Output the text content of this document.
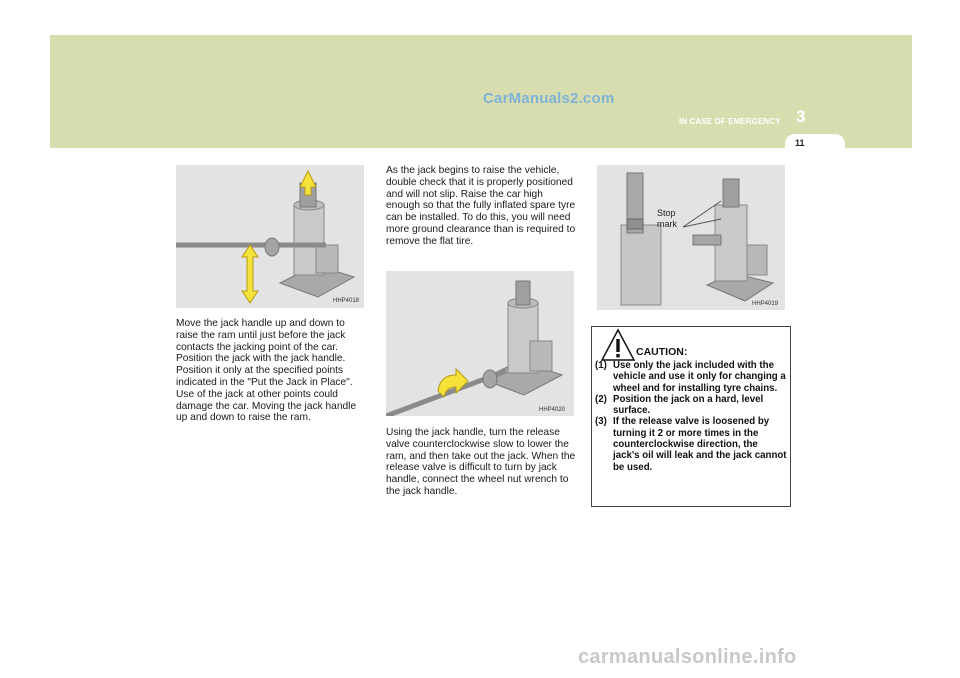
CarManuals2.com
3
IN CASE OF EMERGENCY
11
HHP4018

Move the jack handle up and down to raise the ram until just before the jack contacts the jacking point of the car. Position the jack with the jack handle. Position it only at the specified points indicated in the "Put the Jack in Place". Use of the jack at other points could damage the car. Moving the jack handle up and down to raise the ram.

As the jack begins to raise the vehicle, double check that it is properly positioned and will not slip. Raise the car high enough so that the fully inflated spare tyre can be installed. To do this, you will need more ground clearance than is required to remove the flat tire.

HHP4020

Using the jack handle, turn the release valve counterclockwise slow to lower the ram, and then take out the jack. When the release valve is difficult to turn by jack handle, connect the wheel nut wrench to the jack handle.

Stop
mark
HHP4019
CAUTION:
(1) Use only the jack included with the vehicle and use it only for changing a wheel and for installing tyre chains.
(2) Position the jack on a hard, level surface.
(3) If the release valve is loosened by turning it 2 or more times in the counterclockwise direction, the jack's oil will leak and the jack cannot be used.
carmanualsonline.info
